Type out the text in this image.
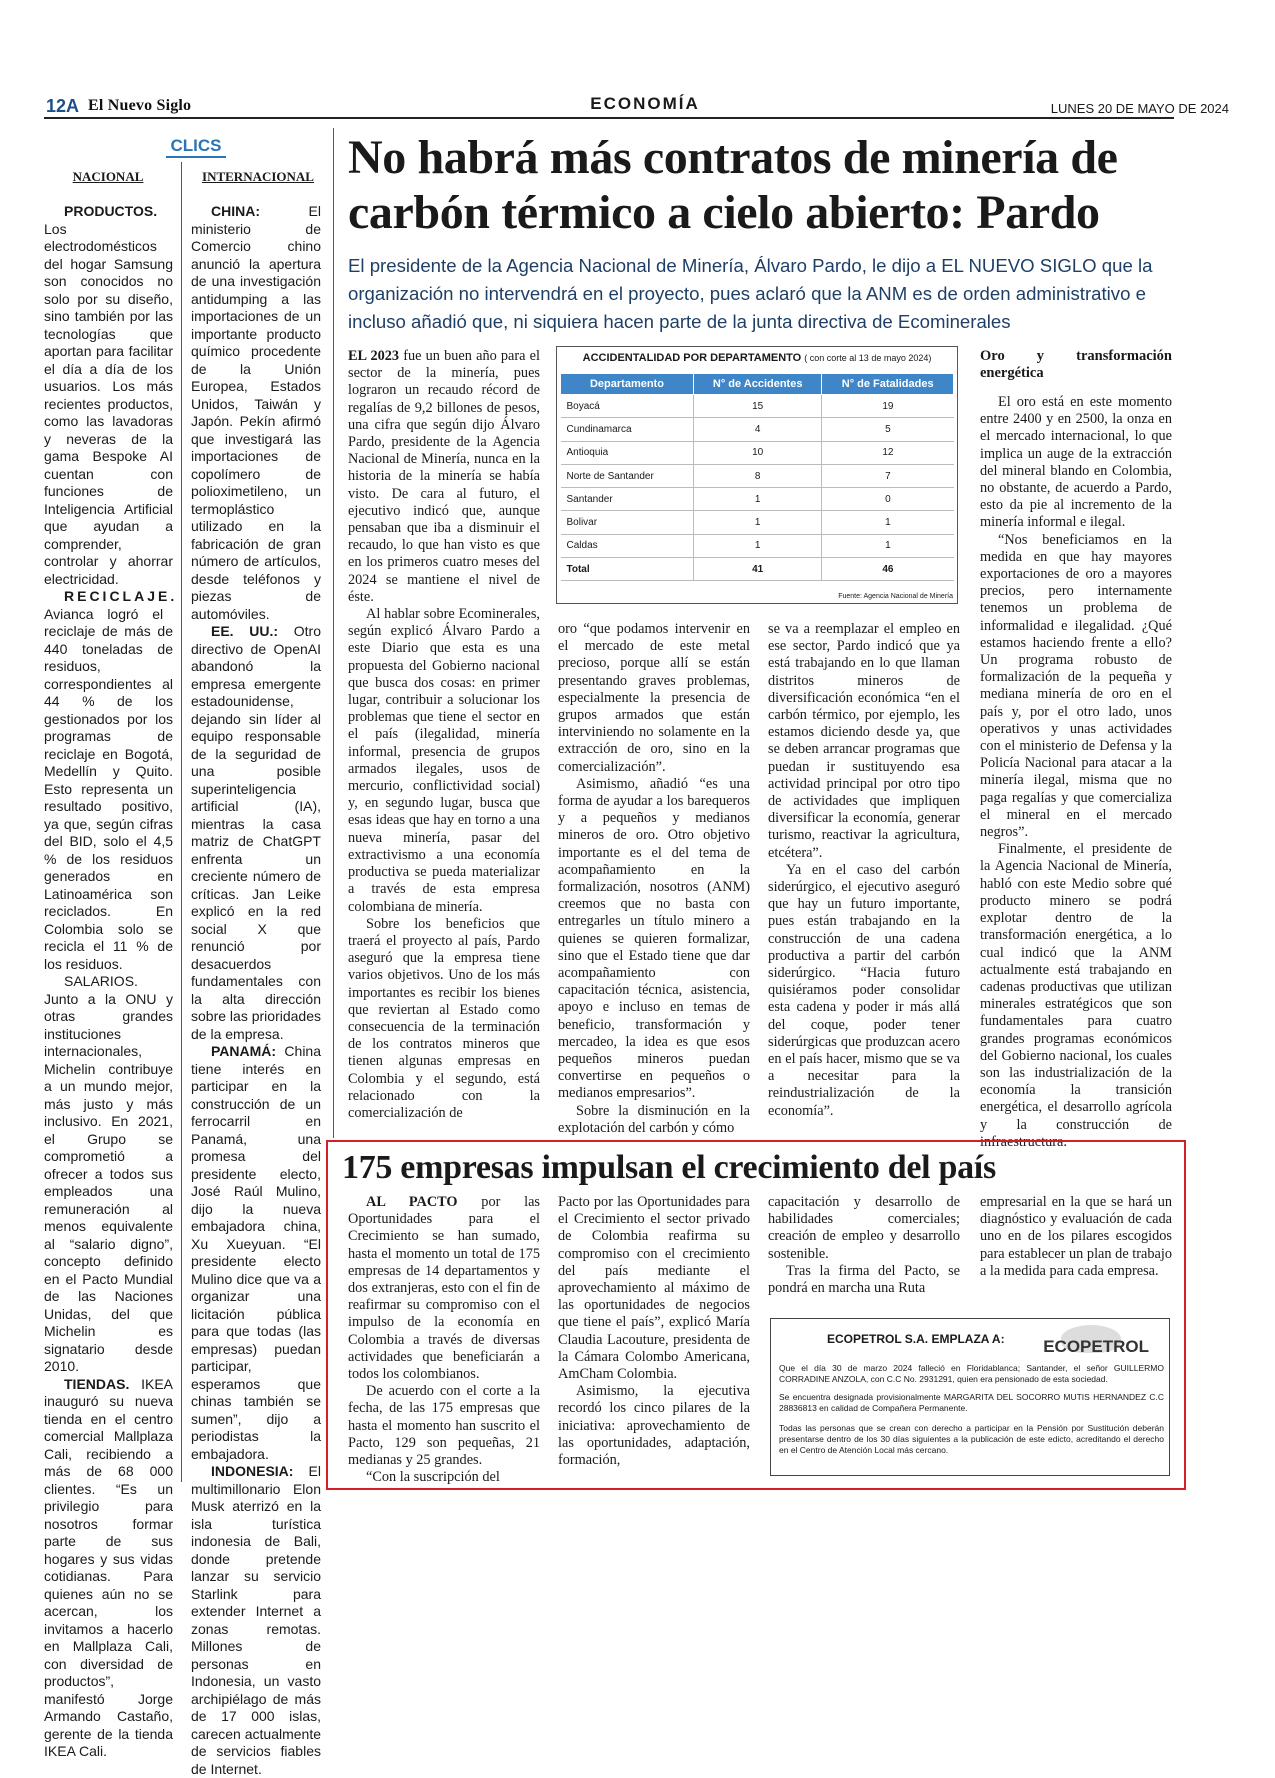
12A El Nuevo Siglo	ECONOMÍA	LUNES 20 DE MAYO DE 2024
CLICS
NACIONAL	INTERNACIONAL

PRODUCTOS. Los electrodomésticos del hogar Samsung son conocidos no solo por su diseño, sino también por las tecnologías que aportan para facilitar el día a día de los usuarios. Los más recientes productos, como las lavadoras y neveras de la gama Bespoke AI cuentan con funciones de Inteligencia Artificial que ayudan a comprender, controlar y ahorrar electricidad.

RECICLAJE. Avianca logró el reciclaje de más de 440 toneladas de residuos, correspondientes al 44 % de los gestionados por los programas de reciclaje en Bogotá, Medellín y Quito. Esto representa un resultado positivo, ya que, según cifras del BID, solo el 4,5 % de los residuos generados en Latinoamérica son reciclados. En Colombia solo se recicla el 11 % de los residuos.

SALARIOS. Junto a la ONU y otras grandes instituciones internacionales, Michelin contribuye a un mundo mejor, más justo y más inclusivo. En 2021, el Grupo se comprometió a ofrecer a todos sus empleados una remuneración al menos equivalente al “salario digno”, concepto definido en el Pacto Mundial de las Naciones Unidas, del que Michelin es signatario desde 2010.

TIENDAS. IKEA inauguró su nueva tienda en el centro comercial Mallplaza Cali, recibiendo a más de 68 000 clientes. “Es un privilegio para nosotros formar parte de sus hogares y sus vidas cotidianas. Para quienes aún no se acercan, los invitamos a hacerlo en Mallplaza Cali, con diversidad de productos”, manifestó Jorge Armando Castaño, gerente de la tienda IKEA Cali.

CHINA: El ministerio de Comercio chino anunció la apertura de una investigación antidumping a las importaciones de un importante producto químico procedente de la Unión Europea, Estados Unidos, Taiwán y Japón. Pekín afirmó que investigará las importaciones de copolímero de polioximetileno, un termoplástico utilizado en la fabricación de gran número de artículos, desde teléfonos y piezas de automóviles.

EE. UU.: Otro directivo de OpenAI abandonó la empresa emergente estadounidense, dejando sin líder al equipo responsable de la seguridad de una posible superinteligencia artificial (IA), mientras la casa matriz de ChatGPT enfrenta un creciente número de críticas. Jan Leike explicó en la red social X que renunció por desacuerdos fundamentales con la alta dirección sobre las prioridades de la empresa.

PANAMÁ: China tiene interés en participar en la construcción de un ferrocarril en Panamá, una promesa del presidente electo, José Raúl Mulino, dijo la nueva embajadora china, Xu Xueyuan. “El presidente electo Mulino dice que va a organizar una licitación pública para que todas (las empresas) puedan participar, esperamos que chinas también se sumen”, dijo a periodistas la embajadora.

INDONESIA: El multimillonario Elon Musk aterrizó en la isla turística indonesia de Bali, donde pretende lanzar su servicio Starlink para extender Internet a zonas remotas. Millones de personas en Indonesia, un vasto archipiélago de más de 17 000 islas, carecen actualmente de servicios fiables de Internet.

No habrá más contratos de minería de carbón térmico a cielo abierto: Pardo
El presidente de la Agencia Nacional de Minería, Álvaro Pardo, le dijo a EL NUEVO SIGLO que la organización no intervendrá en el proyecto, pues aclaró que la ANM es de orden administrativo e incluso añadió que, ni siquiera hacen parte de la junta directiva de Ecominerales

EL 2023 fue un buen año para el sector de la minería, pues lograron un recaudo récord de regalías de 9,2 billones de pesos, una cifra que según dijo Álvaro Pardo, presidente de la Agencia Nacional de Minería, nunca en la historia de la minería se había visto. De cara al futuro, el ejecutivo indicó que, aunque pensaban que iba a disminuir el recaudo, lo que han visto es que en los primeros cuatro meses del 2024 se mantiene el nivel de éste.

Al hablar sobre Ecominerales, según explicó Álvaro Pardo a este Diario que esta es una propuesta del Gobierno nacional que busca dos cosas: en primer lugar, contribuir a solucionar los problemas que tiene el sector en el país (ilegalidad, minería informal, presencia de grupos armados ilegales, usos de mercurio, conflictividad social) y, en segundo lugar, busca que esas ideas que hay en torno a una nueva minería, pasar del extractivismo a una economía productiva se pueda materializar a través de esta empresa colombiana de minería.

Sobre los beneficios que traerá el proyecto al país, Pardo aseguró que la empresa tiene varios objetivos. Uno de los más importantes es recibir los bienes que reviertan al Estado como consecuencia de la terminación de los contratos mineros que tienen algunas empresas en Colombia y el segundo, está relacionado con la comercialización de

oro “que podamos intervenir en el mercado de este metal precioso, porque allí se están presentando graves problemas, especialmente la presencia de grupos armados que están interviniendo no solamente en la extracción de oro, sino en la comercialización”.

Asimismo, añadió “es una forma de ayudar a los barequeros y a pequeños y medianos mineros de oro. Otro objetivo importante es el del tema de acompañamiento en la formalización, nosotros (ANM) creemos que no basta con entregarles un título minero a quienes se quieren formalizar, sino que el Estado tiene que dar acompañamiento con capacitación técnica, asistencia, apoyo e incluso en temas de beneficio, transformación y mercadeo, la idea es que esos pequeños mineros puedan convertirse en pequeños o medianos empresarios”.

Sobre la disminución en la explotación del carbón y cómo

se va a reemplazar el empleo en ese sector, Pardo indicó que ya está trabajando en lo que llaman distritos mineros de diversificación económica “en el carbón térmico, por ejemplo, les estamos diciendo desde ya, que se deben arrancar programas que puedan ir sustituyendo esa actividad principal por otro tipo de actividades que impliquen diversificar la economía, generar turismo, reactivar la agricultura, etcétera”.

Ya en el caso del carbón siderúrgico, el ejecutivo aseguró que hay un futuro importante, pues están trabajando en la construcción de una cadena productiva a partir del carbón siderúrgico. “Hacia futuro quisiéramos poder consolidar esta cadena y poder ir más allá del coque, poder tener siderúrgicas que produzcan acero en el país hacer, mismo que se va a necesitar para la reindustrialización de la economía”.

Oro y transformación energética

El oro está en este momento entre 2400 y en 2500, la onza en el mercado internacional, lo que implica un auge de la extracción del mineral blando en Colombia, no obstante, de acuerdo a Pardo, esto da pie al incremento de la minería informal e ilegal.

“Nos beneficiamos en la medida en que hay mayores exportaciones de oro a mayores precios, pero internamente tenemos un problema de informalidad e ilegalidad. ¿Qué estamos haciendo frente a ello? Un programa robusto de formalización de la pequeña y mediana minería de oro en el país y, por el otro lado, unos operativos y unas actividades con el ministerio de Defensa y la Policía Nacional para atacar a la minería ilegal, misma que no paga regalías y que comercializa el mineral en el mercado negros”.

Finalmente, el presidente de la Agencia Nacional de Minería, habló con este Medio sobre qué producto minero se podrá explotar dentro de la transformación energética, a lo cual indicó que la ANM actualmente está trabajando en cadenas productivas que utilizan minerales estratégicos que son fundamentales para cuatro grandes programas económicos del Gobierno nacional, los cuales son las industrialización de la economía la transición energética, el desarrollo agrícola y la construcción de infraestructura.

ACCIDENTALIDAD POR DEPARTAMENTO ( con corte al 13 de mayo 2024)
Departamento	N° de Accidentes	N° de Fatalidades
Boyacá	15	19
Cundinamarca	4	5
Antioquia	10	12
Norte de Santander	8	7
Santander	1	0
Bolivar	1	1
Caldas	1	1
Total	41	46
Fuente: Agencia Nacional de Minería
175 empresas impulsan el crecimiento del país

AL PACTO por las Oportunidades para el Crecimiento se han sumado, hasta el momento un total de 175 empresas de 14 departamentos y dos extranjeras, esto con el fin de reafirmar su compromiso con el impulso de la economía en Colombia a través de diversas actividades que beneficiarán a todos los colombianos.

De acuerdo con el corte a la fecha, de las 175 empresas que hasta el momento han suscrito el Pacto, 129 son pequeñas, 21 medianas y 25 grandes.

“Con la suscripción del

Pacto por las Oportunidades para el Crecimiento el sector privado de Colombia reafirma su compromiso con el crecimiento del país mediante el aprovechamiento al máximo de las oportunidades de negocios que tiene el país”, explicó María Claudia Lacouture, presidenta de la Cámara Colombo Americana, AmCham Colombia.

Asimismo, la ejecutiva recordó los cinco pilares de la iniciativa: aprovechamiento de las oportunidades, adaptación, formación,

capacitación y desarrollo de habilidades comerciales; creación de empleo y desarrollo sostenible.

Tras la firma del Pacto, se pondrá en marcha una Ruta

empresarial en la que se hará un diagnóstico y evaluación de cada uno en de los pilares escogidos para establecer un plan de trabajo a la medida para cada empresa.

ECOPETROL S.A. EMPLAZA A: ECOPETROL

Que el día 30 de marzo 2024 falleció en Floridablanca; Santander, el señor GUILLERMO CORRADINE ANZOLA, con C.C No. 2931291, quien era pensionado de esta sociedad.

Se encuentra designada provisionalmente MARGARITA DEL SOCORRO MUTIS HERNANDEZ C.C 28836813 en calidad de Compañera Permanente.

Todas las personas que se crean con derecho a participar en la Pensión por Sustitución deberán presentarse dentro de los 30 días siguientes a la publicación de este edicto, acreditando el derecho en el Centro de Atención Local más cercano.
